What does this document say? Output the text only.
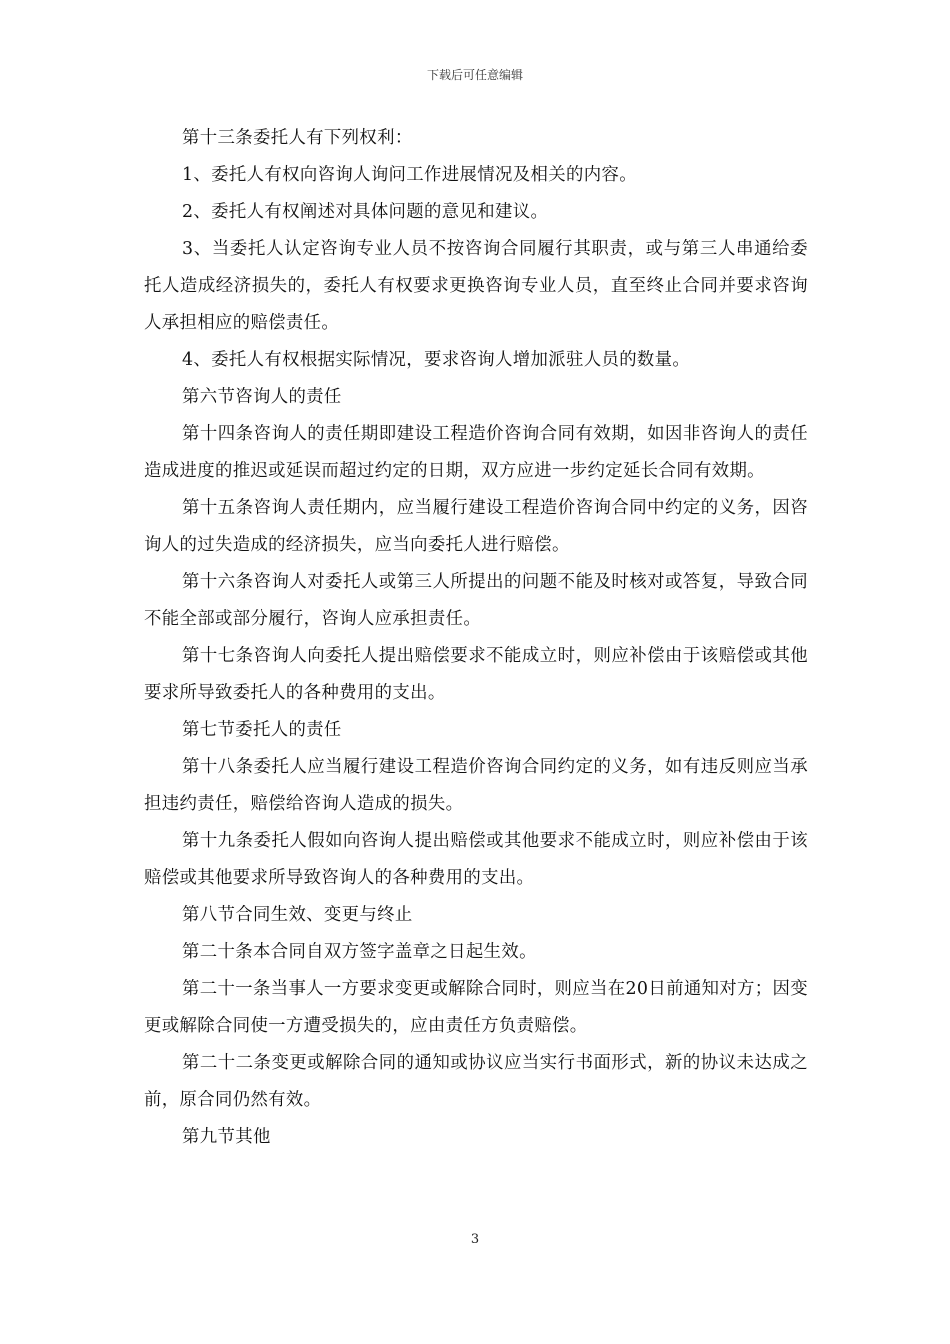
下载后可任意编辑

第十三条委托人有下列权利：

1、委托人有权向咨询人询问工作进展情况及相关的内容。

2、委托人有权阐述对具体问题的意见和建议。

3、当委托人认定咨询专业人员不按咨询合同履行其职责，或与第三人串通给委托人造成经济损失的，委托人有权要求更换咨询专业人员，直至终止合同并要求咨询人承担相应的赔偿责任。

4、委托人有权根据实际情况，要求咨询人增加派驻人员的数量。

第六节咨询人的责任

第十四条咨询人的责任期即建设工程造价咨询合同有效期，如因非咨询人的责任造成进度的推迟或延误而超过约定的日期，双方应进一步约定延长合同有效期。

第十五条咨询人责任期内，应当履行建设工程造价咨询合同中约定的义务，因咨询人的过失造成的经济损失，应当向委托人进行赔偿。

第十六条咨询人对委托人或第三人所提出的问题不能及时核对或答复，导致合同不能全部或部分履行，咨询人应承担责任。

第十七条咨询人向委托人提出赔偿要求不能成立时，则应补偿由于该赔偿或其他要求所导致委托人的各种费用的支出。

第七节委托人的责任

第十八条委托人应当履行建设工程造价咨询合同约定的义务，如有违反则应当承担违约责任，赔偿给咨询人造成的损失。

第十九条委托人假如向咨询人提出赔偿或其他要求不能成立时，则应补偿由于该赔偿或其他要求所导致咨询人的各种费用的支出。

第八节合同生效、变更与终止

第二十条本合同自双方签字盖章之日起生效。

第二十一条当事人一方要求变更或解除合同时，则应当在20日前通知对方；因变更或解除合同使一方遭受损失的，应由责任方负责赔偿。

第二十二条变更或解除合同的通知或协议应当实行书面形式，新的协议未达成之前，原合同仍然有效。

第九节其他

3
